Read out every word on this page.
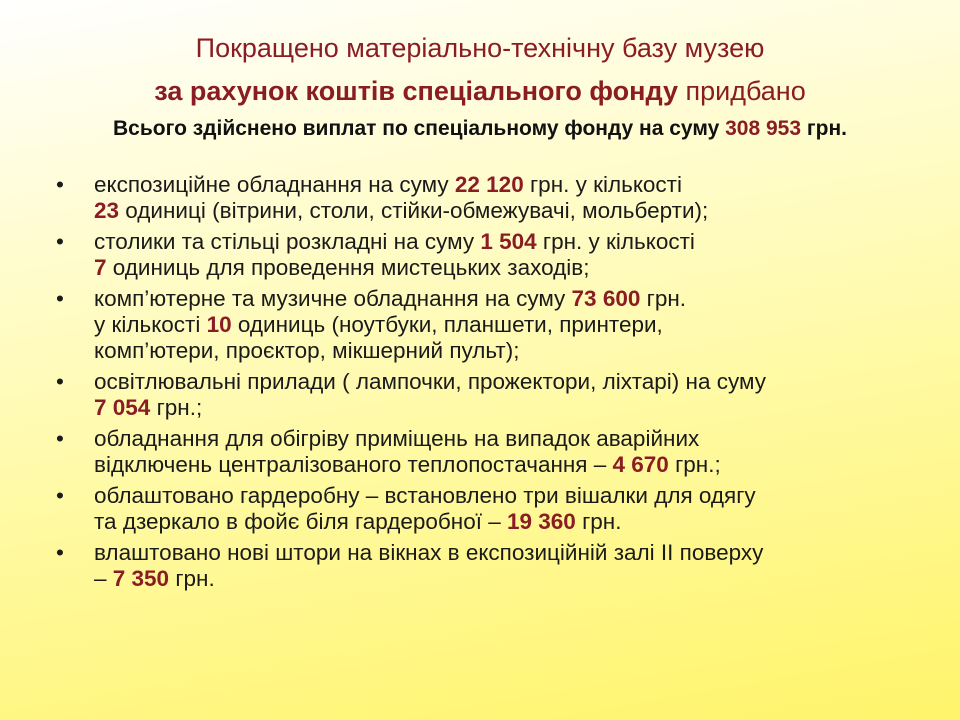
Покращено матеріально-технічну базу музею
за рахунок коштів спеціального фонду придбано
Всього здійснено виплат по спеціальному фонду на суму 308 953 грн.
• експозиційне обладнання на суму 22 120 грн. у кількості
23 одиниці (вітрини, столи, стійки-обмежувачі, мольберти);
• столики та стільці розкладні на суму 1 504 грн. у кількості
7 одиниць для проведення мистецьких заходів;
• комп’ютерне та музичне обладнання на суму 73 600 грн.
у кількості 10 одиниць (ноутбуки, планшети, принтери,
комп’ютери, проєктор, мікшерний пульт);
• освітлювальні прилади ( лампочки, прожектори, ліхтарі) на суму
7 054 грн.;
• обладнання для обігріву приміщень на випадок аварійних
відключень централізованого теплопостачання – 4 670 грн.;
• облаштовано гардеробну – встановлено три вішалки для одягу
та дзеркало в фойє біля гардеробної – 19 360 грн.
• влаштовано нові штори на вікнах в експозиційній залі ІІ поверху
– 7 350 грн.
